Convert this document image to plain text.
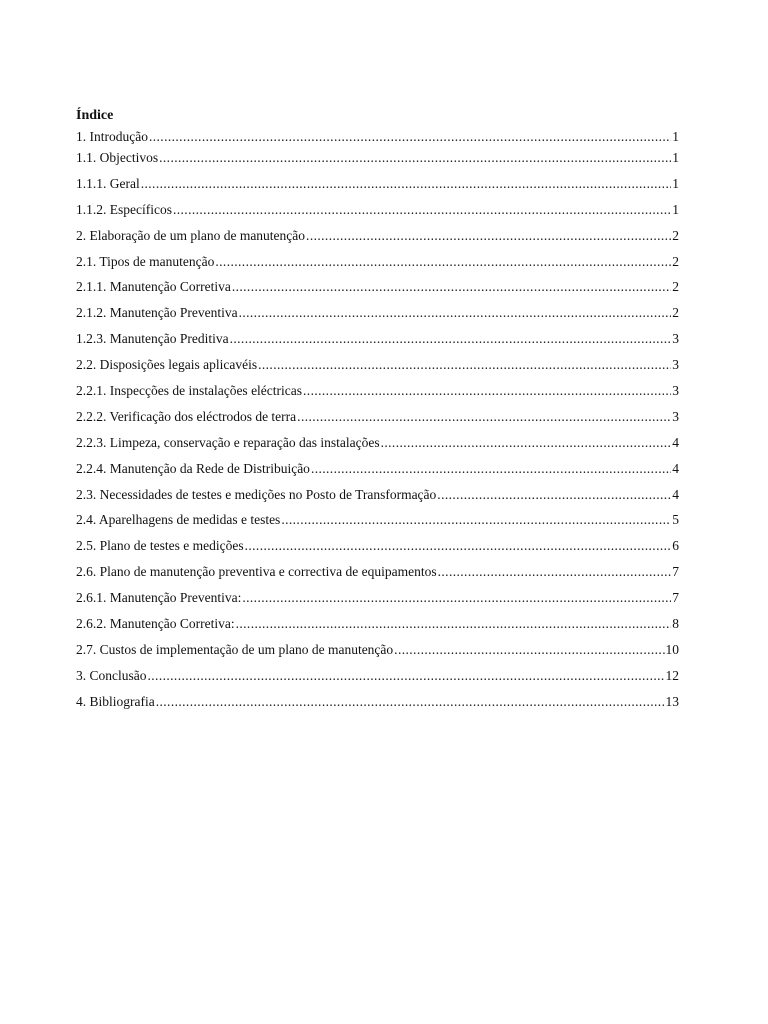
Índice
1. Introdução .....	1
1.1. Objectivos .....	1
1.1.1. Geral .....	1
1.1.2. Específicos .....	1
2. Elaboração de um plano de manutenção .....	2
2.1. Tipos de manutenção .....	2
2.1.1. Manutenção Corretiva .....	2
2.1.2. Manutenção Preventiva .....	2
1.2.3. Manutenção Preditiva .....	3
2.2. Disposições legais aplicavéis .....	3
2.2.1. Inspecções de instalações eléctricas .....	3
2.2.2. Verificação dos eléctrodos de terra .....	3
2.2.3. Limpeza, conservação e reparação das instalações .....	4
2.2.4. Manutenção da Rede de Distribuição .....	4
2.3. Necessidades de testes e medições no Posto de Transformação .....	4
2.4. Aparelhagens de medidas e testes .....	5
2.5. Plano de testes e medições .....	6
2.6. Plano de manutenção preventiva e correctiva de equipamentos .....	7
2.6.1. Manutenção Preventiva: .....	7
2.6.2. Manutenção Corretiva: .....	8
2.7. Custos de implementação de um plano de manutenção .....	10
3. Conclusão .....	12
4. Bibliografia .....	13
